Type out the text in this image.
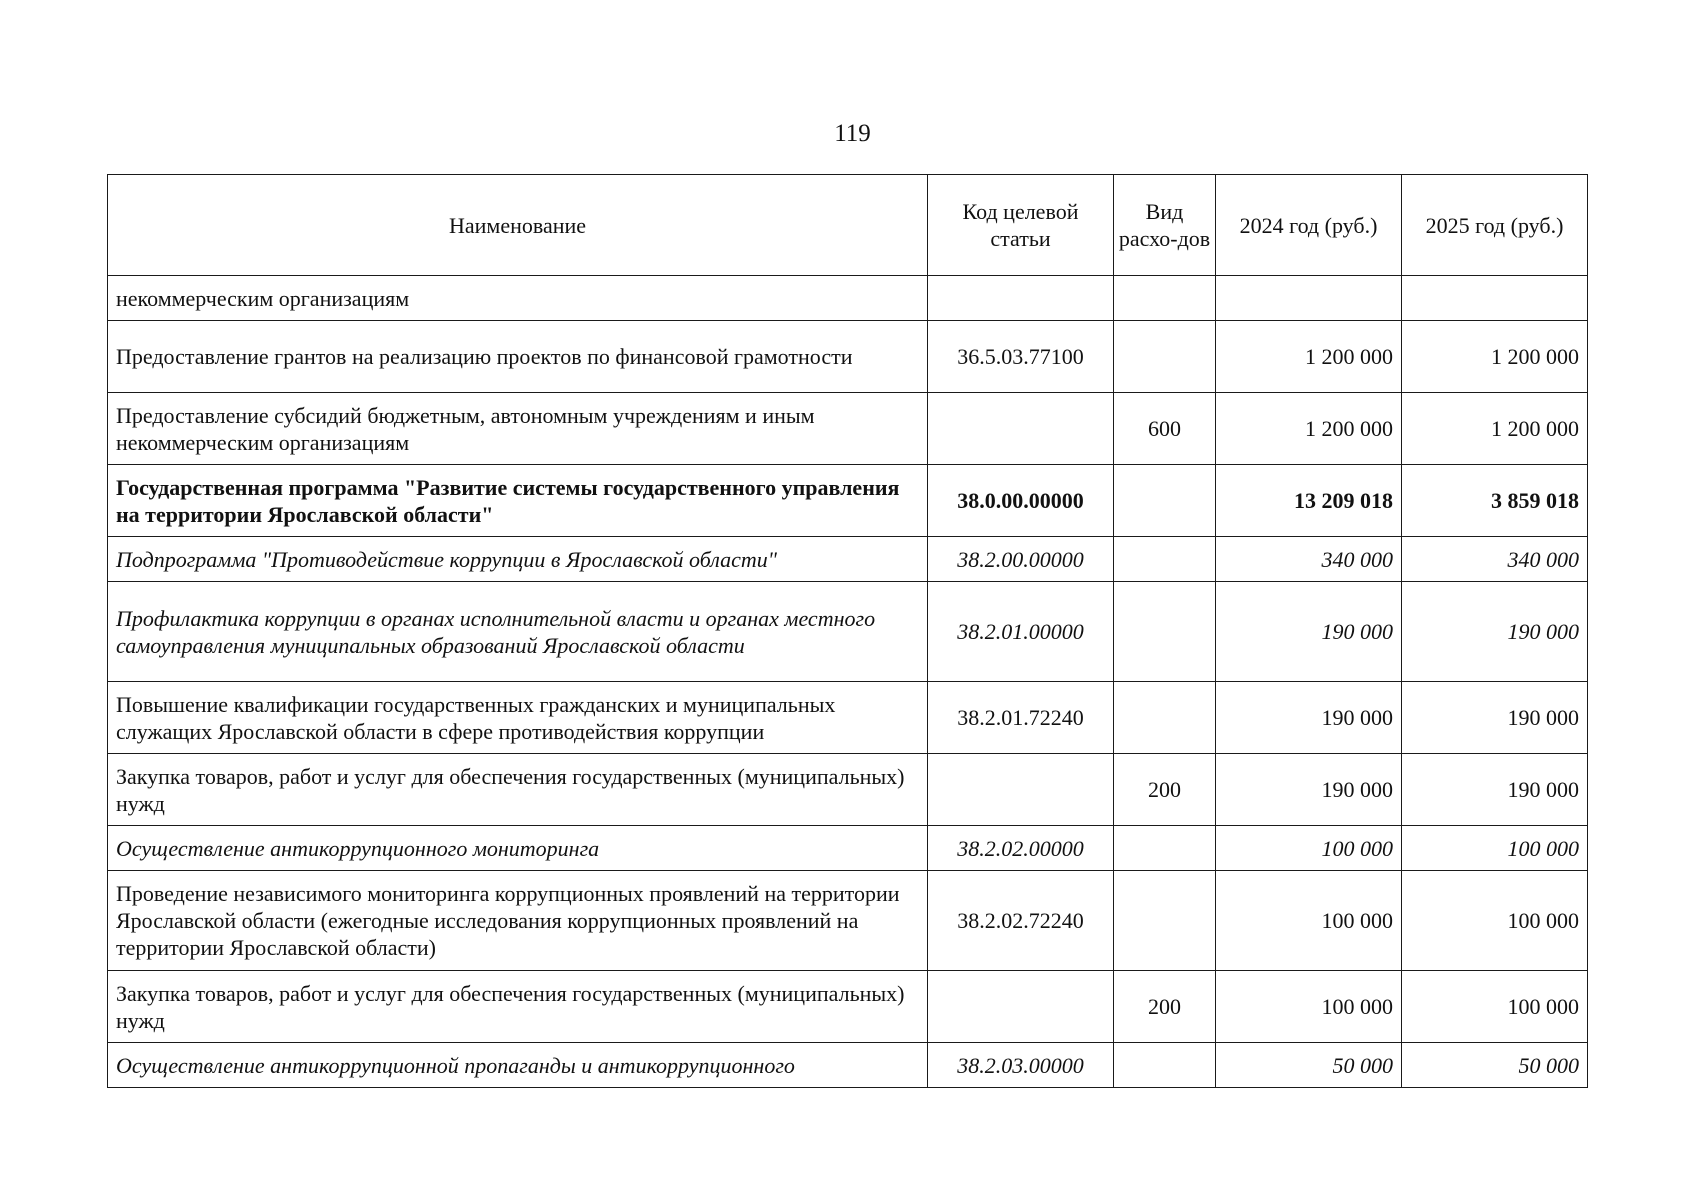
119
Наименование	Код целевой статьи	Вид расхо-дов	2024 год (руб.)	2025 год (руб.)
некоммерческим организациям				
Предоставление грантов на реализацию проектов по финансовой грамотности	36.5.03.77100		1 200 000	1 200 000
Предоставление субсидий бюджетным, автономным учреждениям и иным некоммерческим организациям		600	1 200 000	1 200 000
Государственная программа "Развитие системы государственного управления на территории Ярославской области"	38.0.00.00000		13 209 018	3 859 018
Подпрограмма "Противодействие коррупции в Ярославской области"	38.2.00.00000		340 000	340 000
Профилактика коррупции в органах исполнительной власти и органах местного самоуправления муниципальных образований Ярославской области	38.2.01.00000		190 000	190 000
Повышение квалификации государственных гражданских и муниципальных служащих Ярославской области в сфере противодействия коррупции	38.2.01.72240		190 000	190 000
Закупка товаров, работ и услуг для обеспечения государственных (муниципальных) нужд		200	190 000	190 000
Осуществление антикоррупционного мониторинга	38.2.02.00000		100 000	100 000
Проведение независимого мониторинга коррупционных проявлений на территории Ярославской области (ежегодные исследования коррупционных проявлений на территории Ярославской области)	38.2.02.72240		100 000	100 000
Закупка товаров, работ и услуг для обеспечения государственных (муниципальных) нужд		200	100 000	100 000
Осуществление антикоррупционной пропаганды и антикоррупционного	38.2.03.00000		50 000	50 000
